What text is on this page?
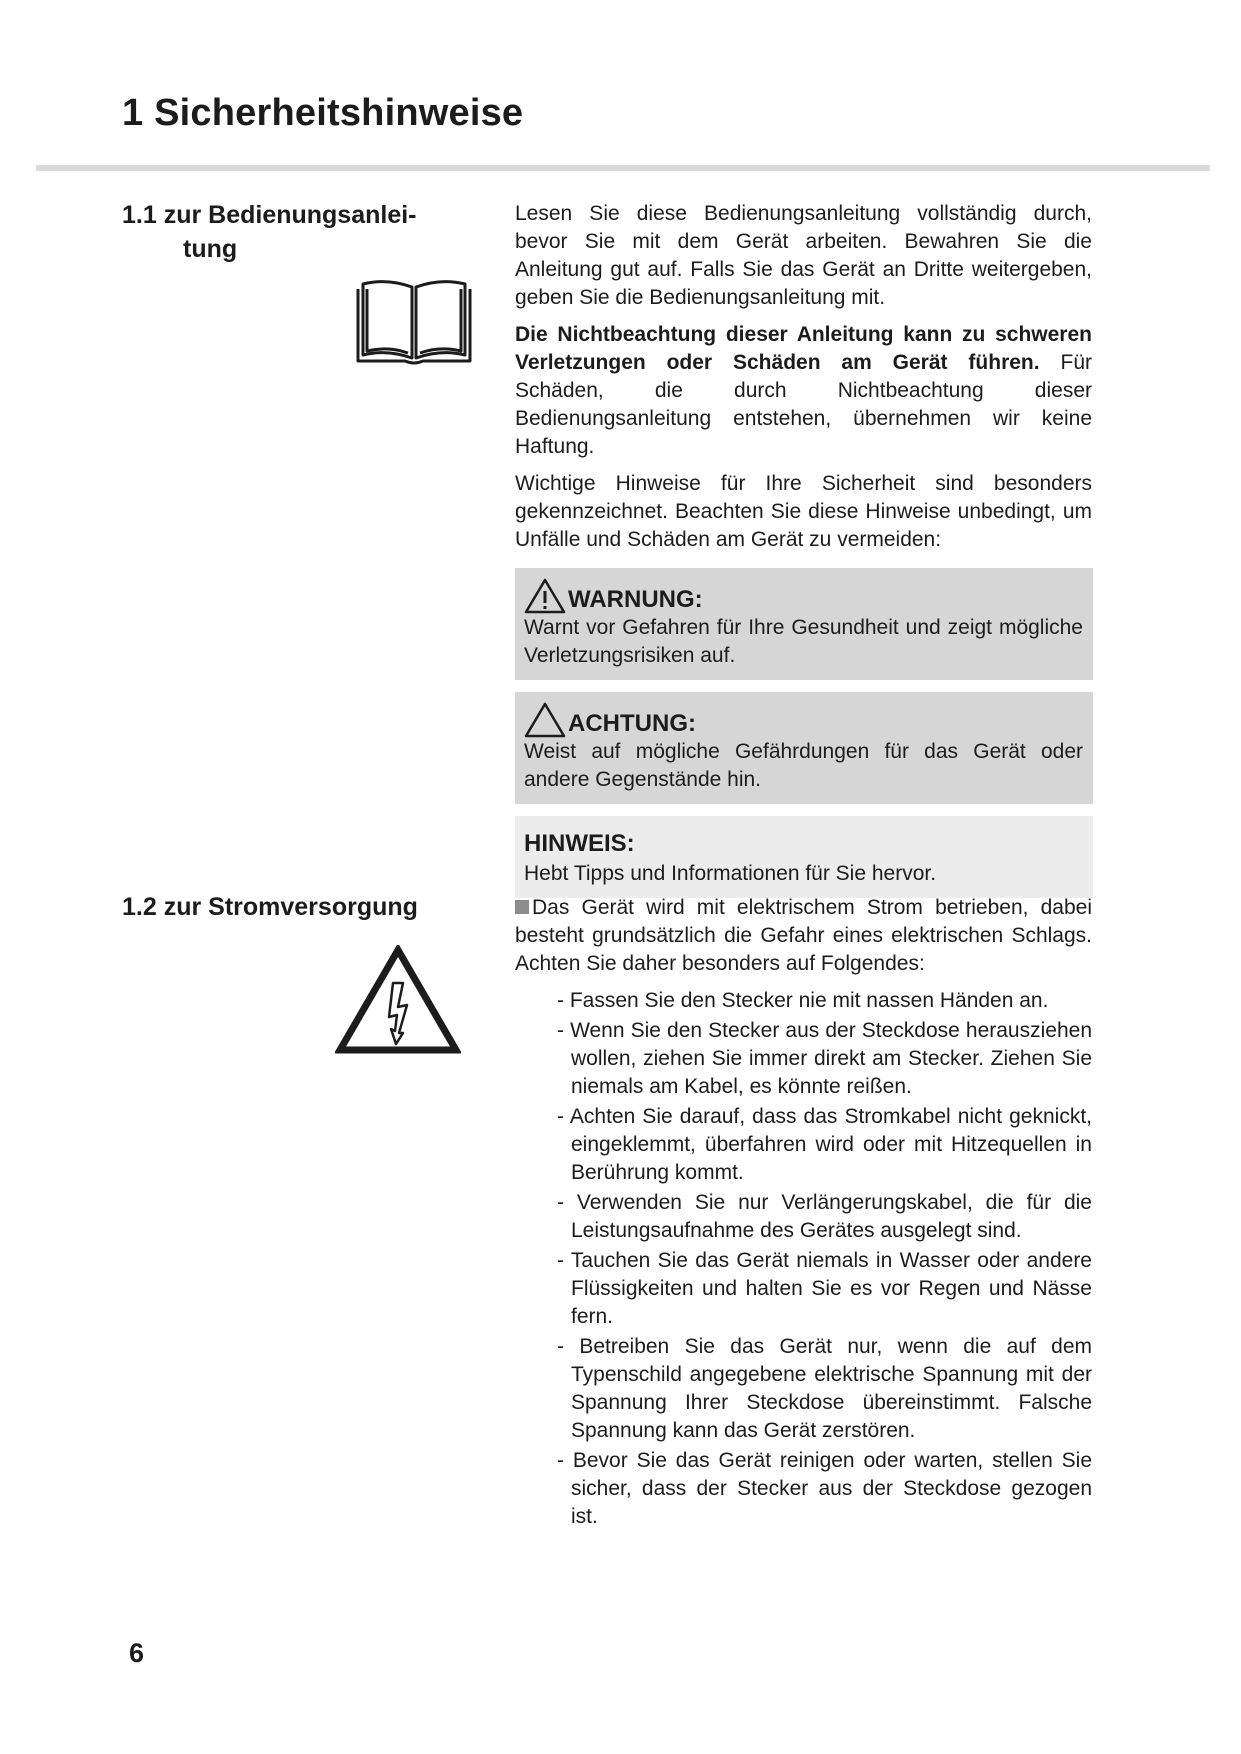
1 Sicherheitshinweise
1.1 zur Bedienungsanlei-
tung

Lesen Sie diese Bedienungsanleitung vollständig durch, bevor Sie mit dem Gerät arbeiten. Bewahren Sie die Anleitung gut auf. Falls Sie das Gerät an Dritte weitergeben, geben Sie die Bedienungsanleitung mit.

Die Nichtbeachtung dieser Anleitung kann zu schweren Verletzungen oder Schäden am Gerät führen. Für Schäden, die durch Nichtbeachtung dieser Bedienungsanleitung entstehen, übernehmen wir keine Haftung.

Wichtige Hinweise für Ihre Sicherheit sind besonders gekennzeichnet. Beachten Sie diese Hinweise unbedingt, um Unfälle und Schäden am Gerät zu vermeiden:

WARNUNG:
Warnt vor Gefahren für Ihre Gesundheit und zeigt mögliche Verletzungsrisiken auf.
ACHTUNG:
Weist auf mögliche Gefährdungen für das Gerät oder andere Gegenstände hin.
HINWEIS:
Hebt Tipps und Informationen für Sie hervor.
1.2 zur Stromversorgung	Das Gerät wird mit elektrischem Strom betrieben, dabei besteht grundsätzlich die Gefahr eines elektrischen Schlags. Achten Sie daher besonders auf Folgendes:

- Fassen Sie den Stecker nie mit nassen Händen an.
- Wenn Sie den Stecker aus der Steckdose herausziehen wollen, ziehen Sie immer direkt am Stecker. Ziehen Sie niemals am Kabel, es könnte reißen.
- Achten Sie darauf, dass das Stromkabel nicht geknickt, eingeklemmt, überfahren wird oder mit Hitzequellen in Berührung kommt.
- Verwenden Sie nur Verlängerungskabel, die für die Leistungsaufnahme des Gerätes ausgelegt sind.
- Tauchen Sie das Gerät niemals in Wasser oder andere Flüssigkeiten und halten Sie es vor Regen und Nässe fern.
- Betreiben Sie das Gerät nur, wenn die auf dem Typenschild angegebene elektrische Spannung mit der Spannung Ihrer Steckdose übereinstimmt. Falsche Spannung kann das Gerät zerstören.
- Bevor Sie das Gerät reinigen oder warten, stellen Sie sicher, dass der Stecker aus der Steckdose gezogen ist.
6
